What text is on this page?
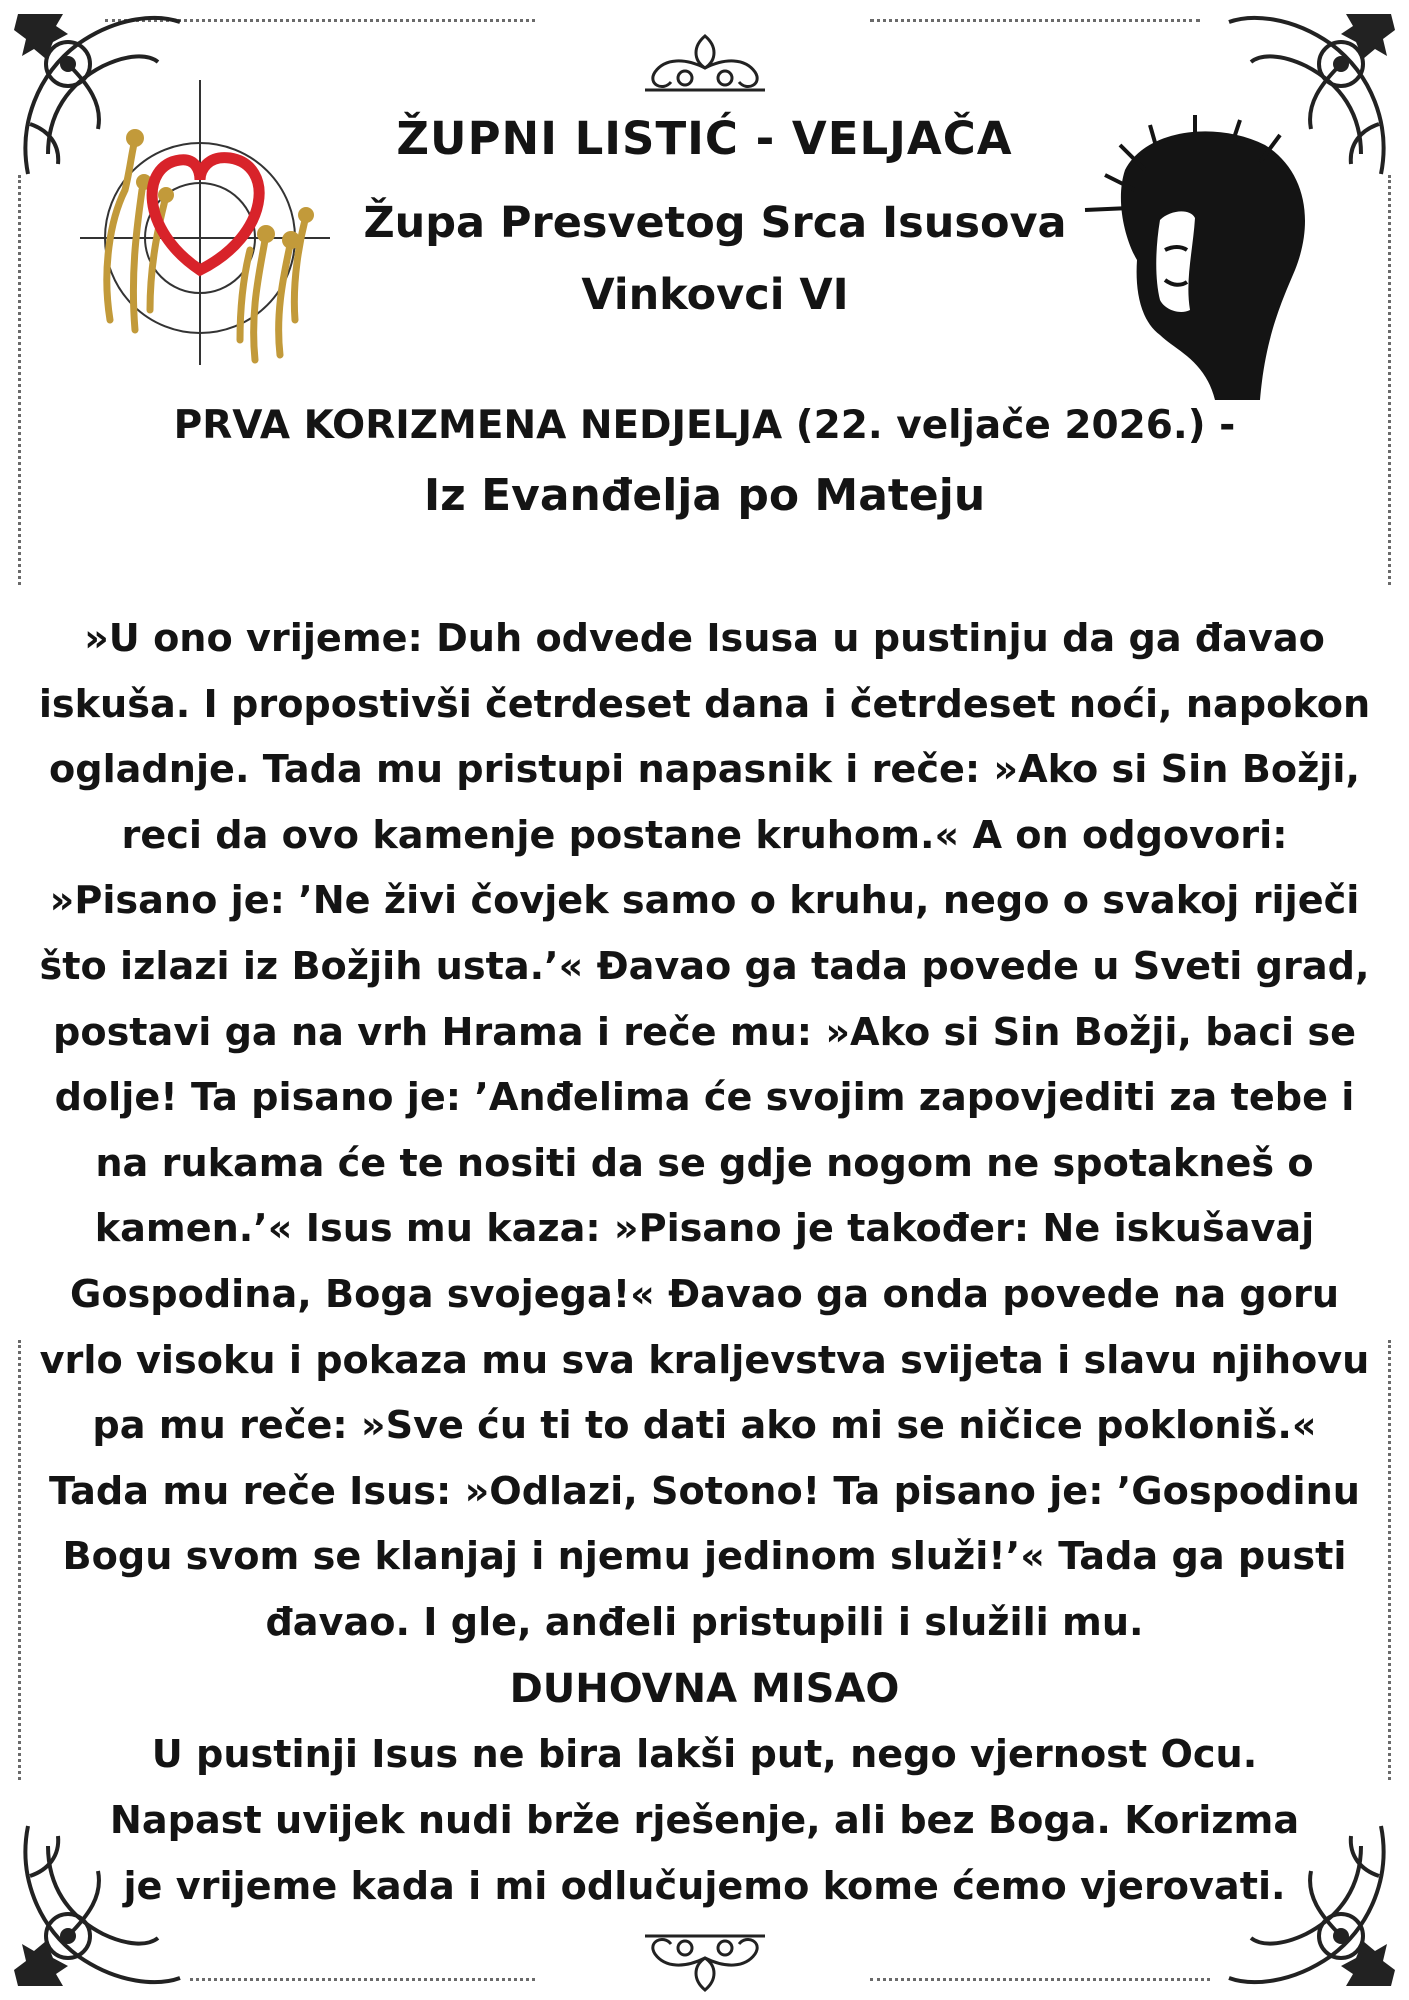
ŽUPNI LISTIĆ - VELJAČA
Župa Presvetog Srca Isusova
Vinkovci VI
PRVA KORIZMENA NEDJELJA (22. veljače 2026.) -
Iz Evanđelja po Mateju
»U ono vrijeme: Duh odvede Isusa u pustinju da ga đavao iskuša. I propostivši četrdeset dana i četrdeset noći, napokon ogladnje. Tada mu pristupi napasnik i reče: »Ako si Sin Božji, reci da ovo kamenje postane kruhom.« A on odgovori: »Pisano je: ’Ne živi čovjek samo o kruhu, nego o svakoj riječi što izlazi iz Božjih usta.’« Đavao ga tada povede u Sveti grad, postavi ga na vrh Hrama i reče mu: »Ako si Sin Božji, baci se dolje! Ta pisano je: ’Anđelima će svojim zapovjediti za tebe i na rukama će te nositi da se gdje nogom ne spotakneš o kamen.’« Isus mu kaza: »Pisano je također: Ne iskušavaj Gospodina, Boga svojega!« Đavao ga onda povede na goru vrlo visoku i pokaza mu sva kraljevstva svijeta i slavu njihovu pa mu reče: »Sve ću ti to dati ako mi se ničice pokloniš.« Tada mu reče Isus: »Odlazi, Sotono! Ta pisano je: ’Gospodinu Bogu svom se klanjaj i njemu jedinom služi!’« Tada ga pusti đavao. I gle, anđeli pristupili i služili mu.
DUHOVNA MISAO
U pustinji Isus ne bira lakši put, nego vjernost Ocu. Napast uvijek nudi brže rješenje, ali bez Boga. Korizma je vrijeme kada i mi odlučujemo kome ćemo vjerovati.
